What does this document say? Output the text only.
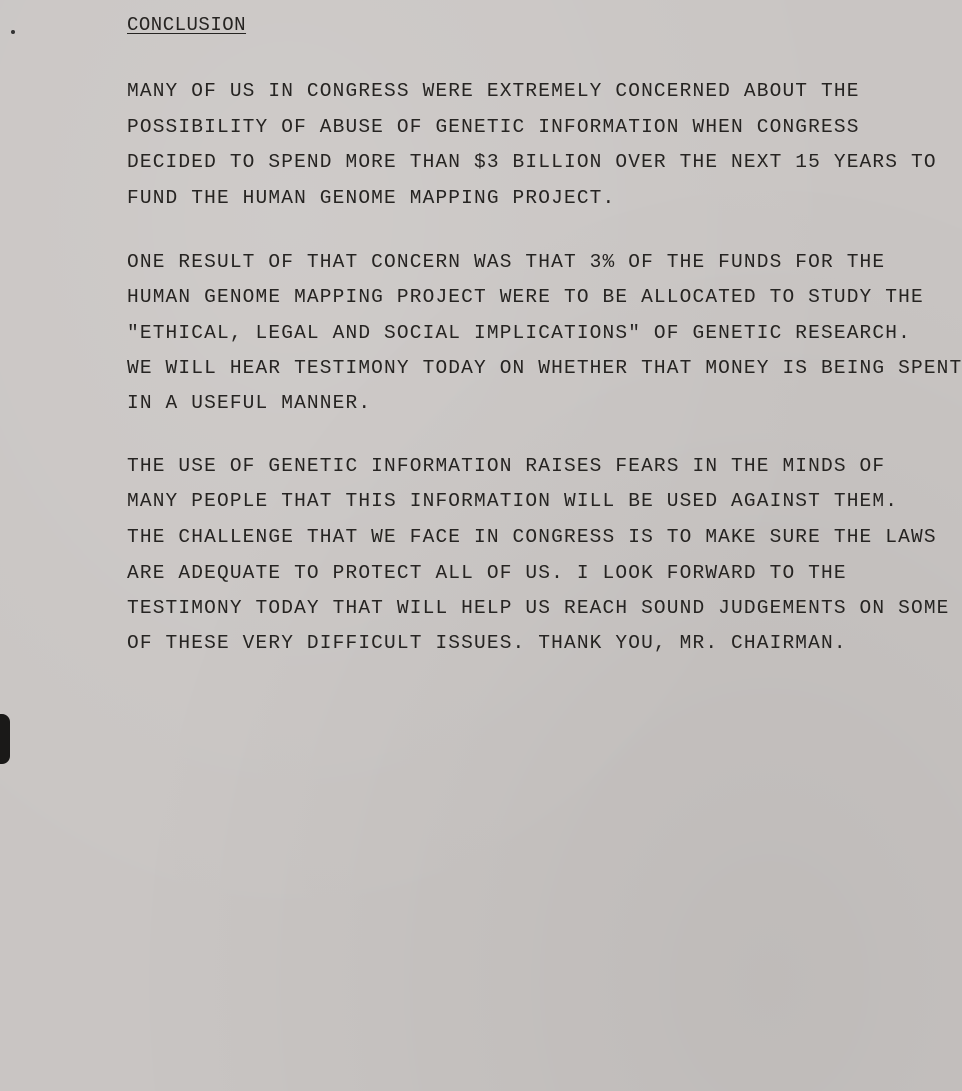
CONCLUSION
MANY OF US IN CONGRESS WERE EXTREMELY CONCERNED ABOUT THE
POSSIBILITY OF ABUSE OF GENETIC INFORMATION WHEN CONGRESS
DECIDED TO SPEND MORE THAN $3 BILLION OVER THE NEXT 15 YEARS TO
FUND THE HUMAN GENOME MAPPING PROJECT.
ONE RESULT OF THAT CONCERN WAS THAT 3% OF THE FUNDS FOR THE
HUMAN GENOME MAPPING PROJECT WERE TO BE ALLOCATED TO STUDY THE
"ETHICAL, LEGAL AND SOCIAL IMPLICATIONS" OF GENETIC RESEARCH.
WE WILL HEAR TESTIMONY TODAY ON WHETHER THAT MONEY IS BEING SPENT
IN A USEFUL MANNER.
THE USE OF GENETIC INFORMATION RAISES FEARS IN THE MINDS OF
MANY PEOPLE THAT THIS INFORMATION WILL BE USED AGAINST THEM.
THE CHALLENGE THAT WE FACE IN CONGRESS IS TO MAKE SURE THE LAWS
ARE ADEQUATE TO PROTECT ALL OF US. I LOOK FORWARD TO THE
TESTIMONY TODAY THAT WILL HELP US REACH SOUND JUDGEMENTS ON SOME
OF THESE VERY DIFFICULT ISSUES. THANK YOU, MR. CHAIRMAN.
